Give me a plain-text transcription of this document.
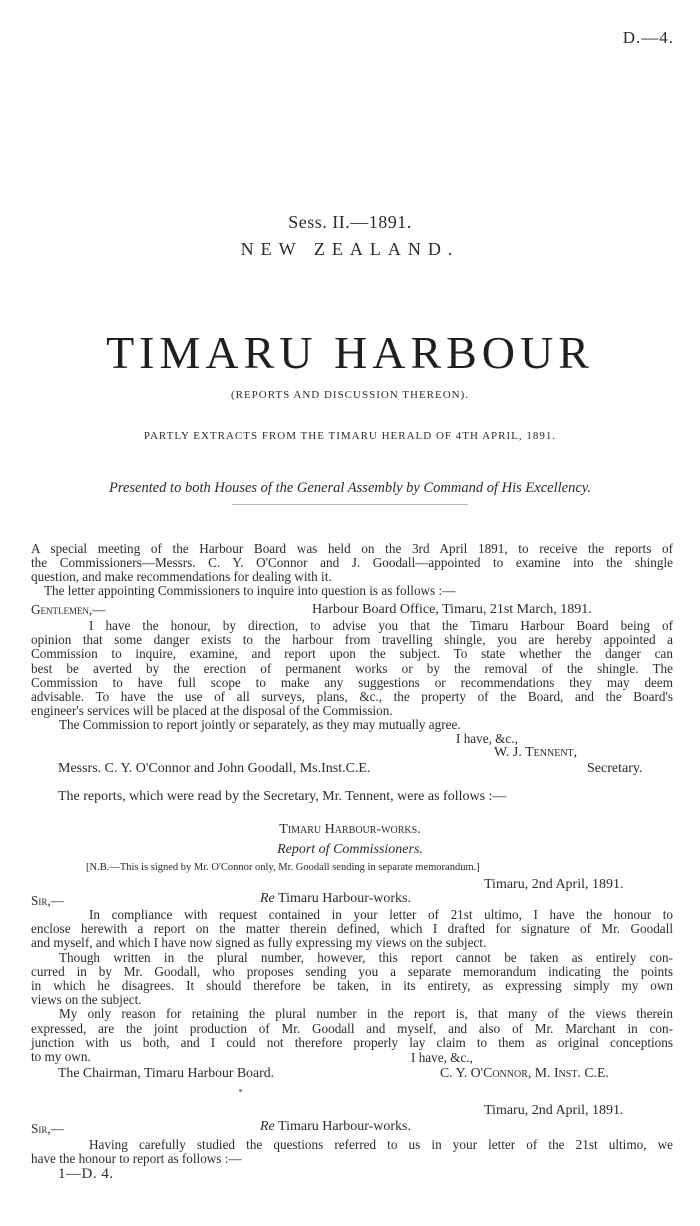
D.—4.
Sess. II.—1891.
NEW ZEALAND.
TIMARU HARBOUR
(REPORTS AND DISCUSSION THEREON).
PARTLY EXTRACTS FROM THE TIMARU HERALD OF 4TH APRIL, 1891.
Presented to both Houses of the General Assembly by Command of His Excellency.
A special meeting of the Harbour Board was held on the 3rd April 1891, to receive the reports of
the Commissioners—Messrs. C. Y. O'Connor and J. Goodall—appointed to examine into the shingle
question, and make recommendations for dealing with it.
The letter appointing Commissioners to inquire into question is as follows :—
Gentlemen,—	Harbour Board Office, Timaru, 21st March, 1891.
I have the honour, by direction, to advise you that the Timaru Harbour Board being of
opinion that some danger exists to the harbour from travelling shingle, you are hereby appointed a
Commission to inquire, examine, and report upon the subject. To state whether the danger can
best be averted by the erection of permanent works or by the removal of the shingle. The
Commission to have full scope to make any suggestions or recommendations they may deem
advisable. To have the use of all surveys, plans, &c., the property of the Board, and the Board's
engineer's services will be placed at the disposal of the Commission.
The Commission to report jointly or separately, as they may mutually agree.
I have, &c.,
W. J. Tennent,
Messrs. C. Y. O'Connor and John Goodall, Ms.Inst.C.E.	Secretary.
The reports, which were read by the Secretary, Mr. Tennent, were as follows :—
Timaru Harbour-works.
Report of Commissioners.
[N.B.—This is signed by Mr. O'Connor only, Mr. Goodall sending in separate memorandum.]
Timaru, 2nd April, 1891.
Sir,—	Re Timaru Harbour-works.
In compliance with request contained in your letter of 21st ultimo, I have the honour to
enclose herewith a report on the matter therein defined, which I drafted for signature of Mr. Goodall
and myself, and which I have now signed as fully expressing my views on the subject.
Though written in the plural number, however, this report cannot be taken as entirely con-
curred in by Mr. Goodall, who proposes sending you a separate memorandum indicating the points
in which he disagrees. It should therefore be taken, in its entirety, as expressing simply my own
views on the subject.
My only reason for retaining the plural number in the report is, that many of the views therein
expressed, are the joint production of Mr. Goodall and myself, and also of Mr. Marchant in con-
junction with us both, and I could not therefore properly lay claim to them as original conceptions
to my own.	I have, &c.,
The Chairman, Timaru Harbour Board.	C. Y. O'Connor, M. Inst. C.E.
Timaru, 2nd April, 1891.
Sir,—	Re Timaru Harbour-works.
Having carefully studied the questions referred to us in your letter of the 21st ultimo, we
have the honour to report as follows :—
1—D. 4.
